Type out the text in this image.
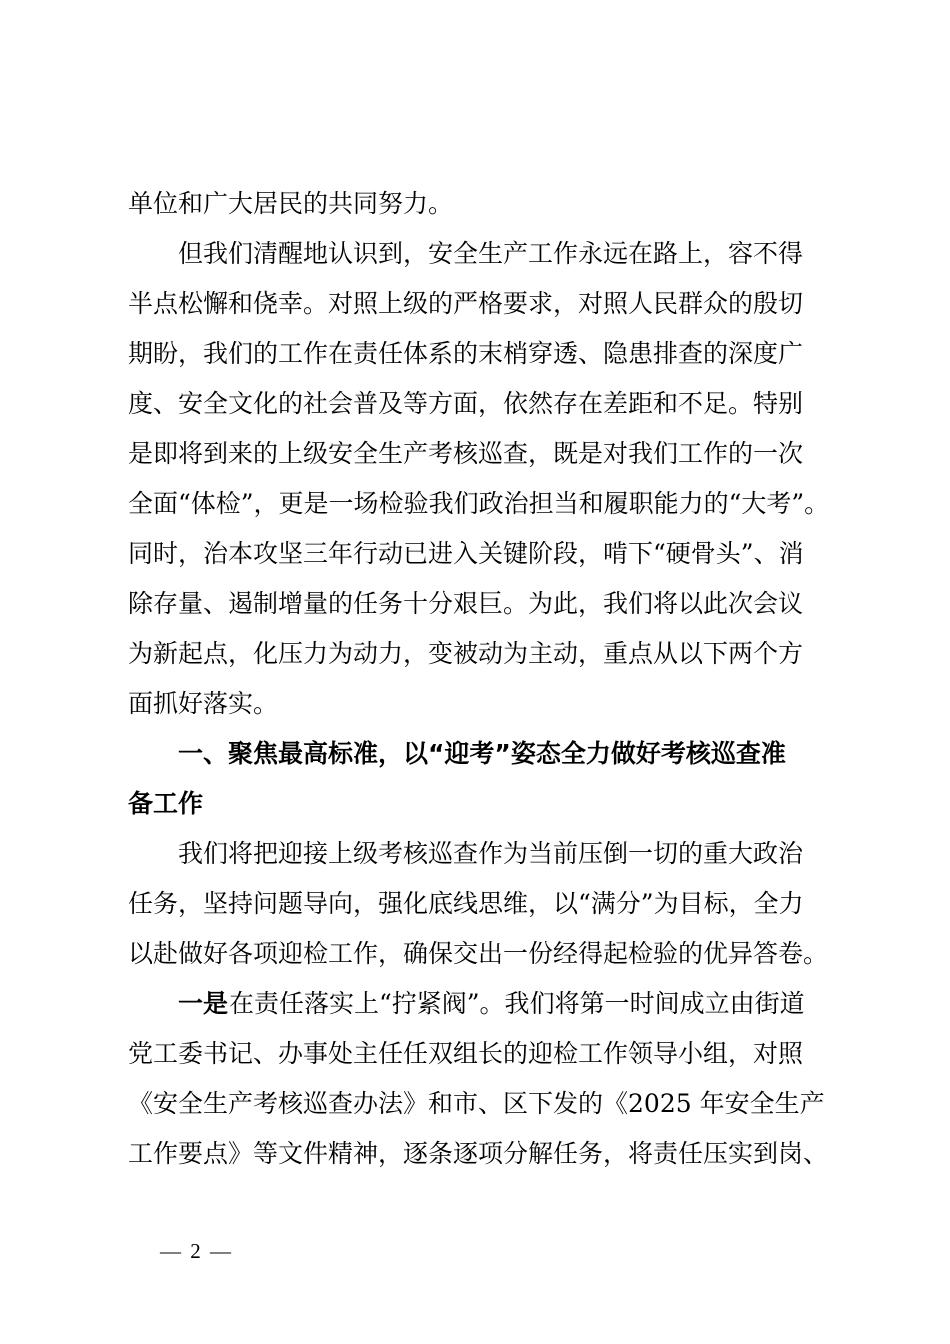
单位和广大居民的共同努力。
但我们清醒地认识到，安全生产工作永远在路上，容不得
半点松懈和侥幸。对照上级的严格要求，对照人民群众的殷切
期盼，我们的工作在责任体系的末梢穿透、隐患排查的深度广
度、安全文化的社会普及等方面，依然存在差距和不足。特别
是即将到来的上级安全生产考核巡查，既是对我们工作的一次
全面“体检”，更是一场检验我们政治担当和履职能力的“大考”。
同时，治本攻坚三年行动已进入关键阶段，啃下“硬骨头”、消
除存量、遏制增量的任务十分艰巨。为此，我们将以此次会议
为新起点，化压力为动力，变被动为主动，重点从以下两个方
面抓好落实。
一、聚焦最高标准，以“迎考”姿态全力做好考核巡查准
备工作
我们将把迎接上级考核巡查作为当前压倒一切的重大政治
任务，坚持问题导向，强化底线思维，以“满分”为目标，全力
以赴做好各项迎检工作，确保交出一份经得起检验的优异答卷。
一是 在责任落实上“拧紧阀”。我们将第一时间成立由街道
党工委书记、办事处主任任双组长的迎检工作领导小组，对照
《安全生产考核巡查办法》和市、区下发的《2025 年安全生产
工作要点》等文件精神，逐条逐项分解任务，将责任压实到岗、
— 2 —
